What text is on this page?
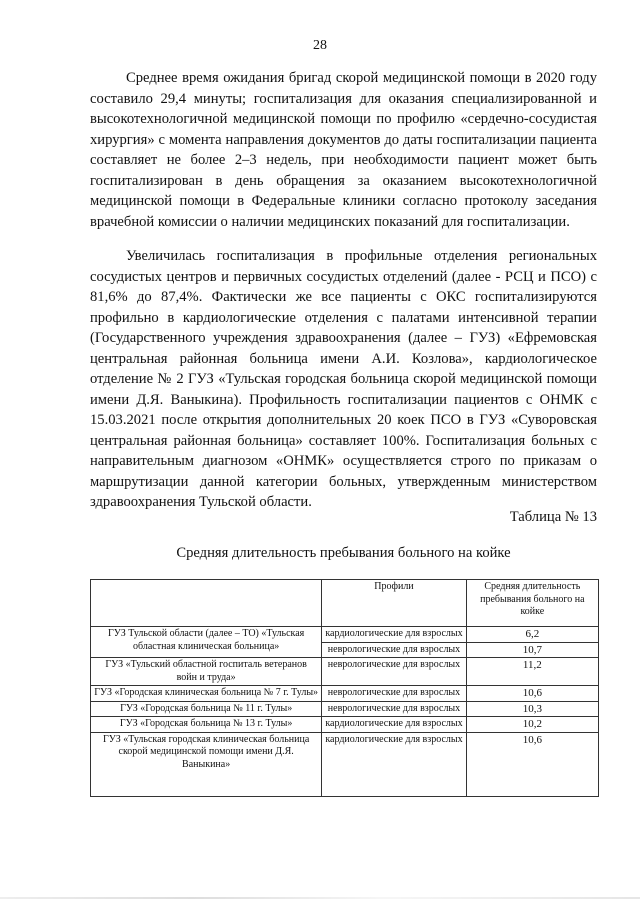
28

Среднее время ожидания бригад скорой медицинской помощи в 2020 году составило 29,4 минуты; госпитализация для оказания специализированной и высокотехнологичной медицинской помощи по профилю «сердечно-сосудистая хирургия» с момента направления документов до даты госпитализации пациента составляет не более 2–3 недель, при необходимости пациент может быть госпитализирован в день обращения за оказанием высокотехнологичной медицинской помощи в Федеральные клиники согласно протоколу заседания врачебной комиссии о наличии медицинских показаний для госпитализации.

Увеличилась госпитализация в профильные отделения региональных сосудистых центров и первичных сосудистых отделений (далее - РСЦ и ПСО) с 81,6% до 87,4%. Фактически же все пациенты с ОКС госпитализируются профильно в кардиологические отделения с палатами интенсивной терапии (Государственного учреждения здравоохранения (далее – ГУЗ) «Ефремовская центральная районная больница имени А.И. Козлова», кардиологическое отделение № 2 ГУЗ «Тульская городская больница скорой медицинской помощи имени Д.Я. Ваныкина). Профильность госпитализации пациентов с ОНМК с 15.03.2021 после открытия дополнительных 20 коек ПСО в ГУЗ «Суворовская центральная районная больница» составляет 100%. Госпитализация больных с направительным диагнозом «ОНМК» осуществляется строго по приказам о маршрутизации данной категории больных, утвержденным министерством здравоохранения Тульской области.

Таблица № 13
Средняя длительность пребывания больного на койке
	Профили	Средняя длительность пребывания больного на койке
ГУЗ Тульской области (далее – ТО) «Тульская областная клиническая больница»	кардиологические для взрослых	6,2
	неврологические для взрослых	10,7
ГУЗ «Тульский областной госпиталь ветеранов войн и труда»	неврологические для взрослых	11,2
ГУЗ «Городская клиническая больница № 7 г. Тулы»	неврологические для взрослых	10,6
ГУЗ «Городская больница № 11 г. Тулы»	неврологические для взрослых	10,3
ГУЗ «Городская больница № 13 г. Тулы»	кардиологические для взрослых	10,2
ГУЗ «Тульская городская клиническая больница скорой медицинской помощи имени Д.Я. Ваныкина»	кардиологические для взрослых	10,6
